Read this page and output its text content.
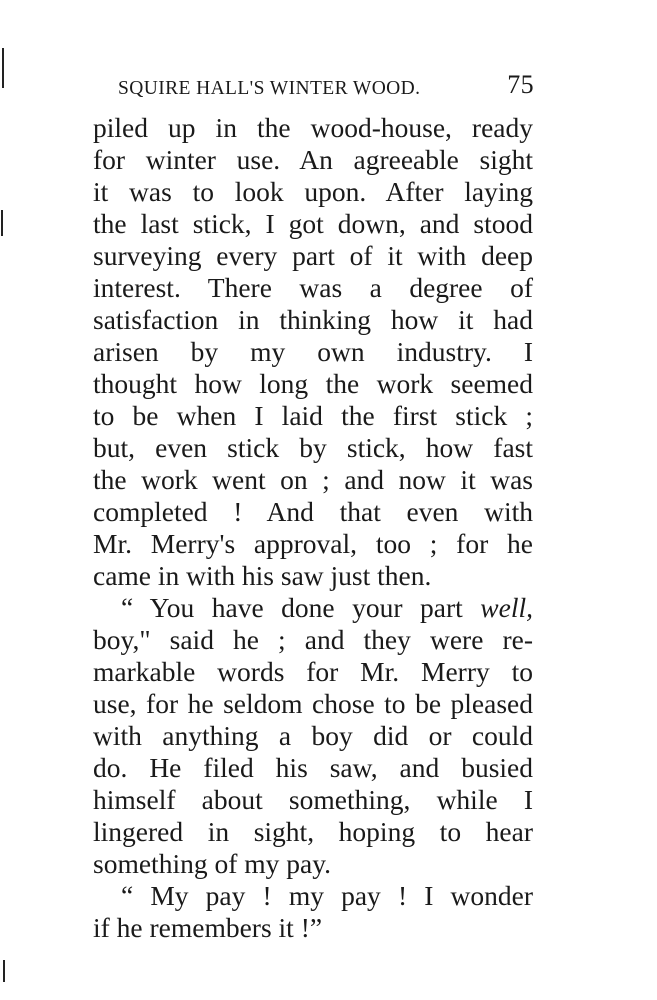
SQUIRE HALL'S WINTER WOOD.	75
piled up in the wood-house, ready
for winter use. An agreeable sight
it was to look upon. After laying
the last stick, I got down, and stood
surveying every part of it with deep
interest. There was a degree of
satisfaction in thinking how it had
arisen by my own industry. I
thought how long the work seemed
to be when I laid the first stick ;
but, even stick by stick, how fast
the work went on ; and now it was
completed ! And that even with
Mr. Merry's approval, too ; for he
came in with his saw just then.
“ You have done your part well,
boy," said he ; and they were re-
markable words for Mr. Merry to
use, for he seldom chose to be pleased
with anything a boy did or could
do. He filed his saw, and busied
himself about something, while I
lingered in sight, hoping to hear
something of my pay.
“ My pay ! my pay ! I wonder
if he remembers it !”
